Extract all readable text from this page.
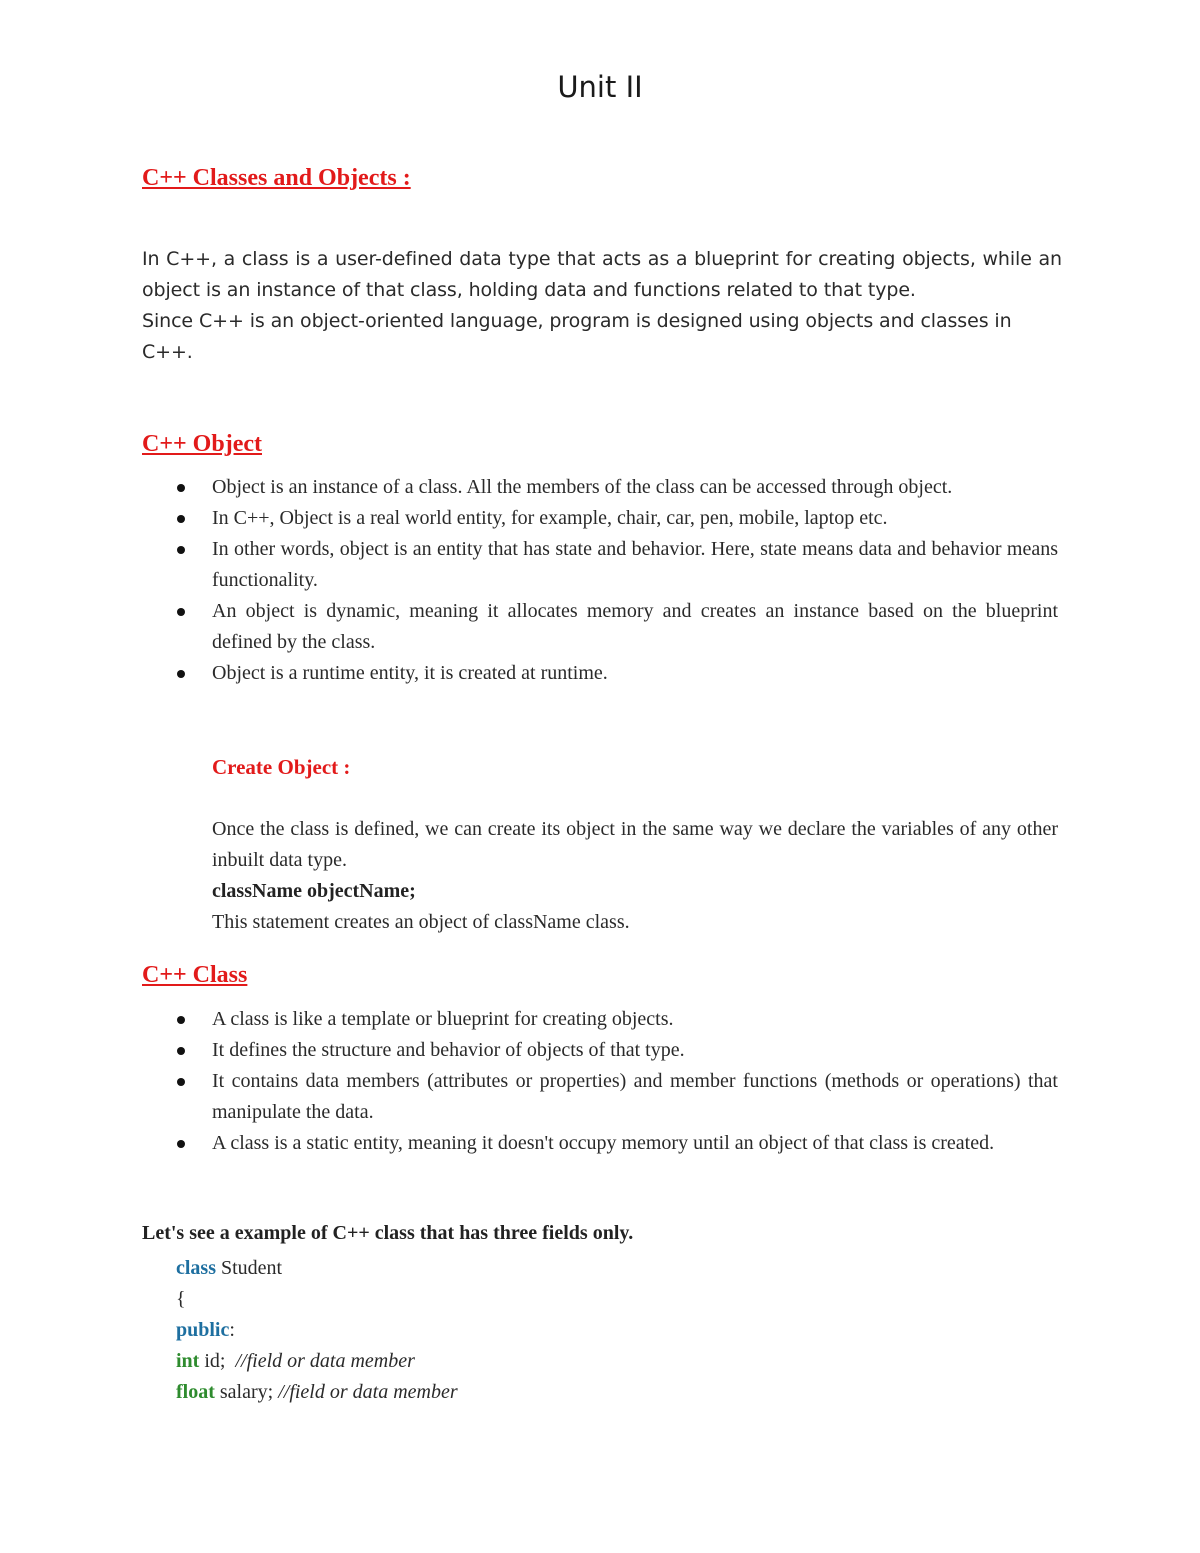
Unit II
C++ Classes and Objects :

In C++, a class is a user-defined data type that acts as a blueprint for creating objects, while an object is an instance of that class, holding data and functions related to that type.

Since C++ is an object-oriented language, program is designed using objects and classes in C++.

C++ Object
Object is an instance of a class. All the members of the class can be accessed through object.
In C++, Object is a real world entity, for example, chair, car, pen, mobile, laptop etc.
In other words, object is an entity that has state and behavior. Here, state means data and behavior means functionality.
An object is dynamic, meaning it allocates memory and creates an instance based on the blueprint defined by the class.
Object is a runtime entity, it is created at runtime.
Create Object :

Once the class is defined, we can create its object in the same way we declare the variables of any other inbuilt data type.

className objectName;

This statement creates an object of className class.

C++ Class
A class is like a template or blueprint for creating objects.
It defines the structure and behavior of objects of that type.
It contains data members (attributes or properties) and member functions (methods or operations) that manipulate the data.
A class is a static entity, meaning it doesn't occupy memory until an object of that class is created.
Let's see a example of C++ class that has three fields only.
class Student
{
public:
int id;  //field or data member
float salary; //field or data member
